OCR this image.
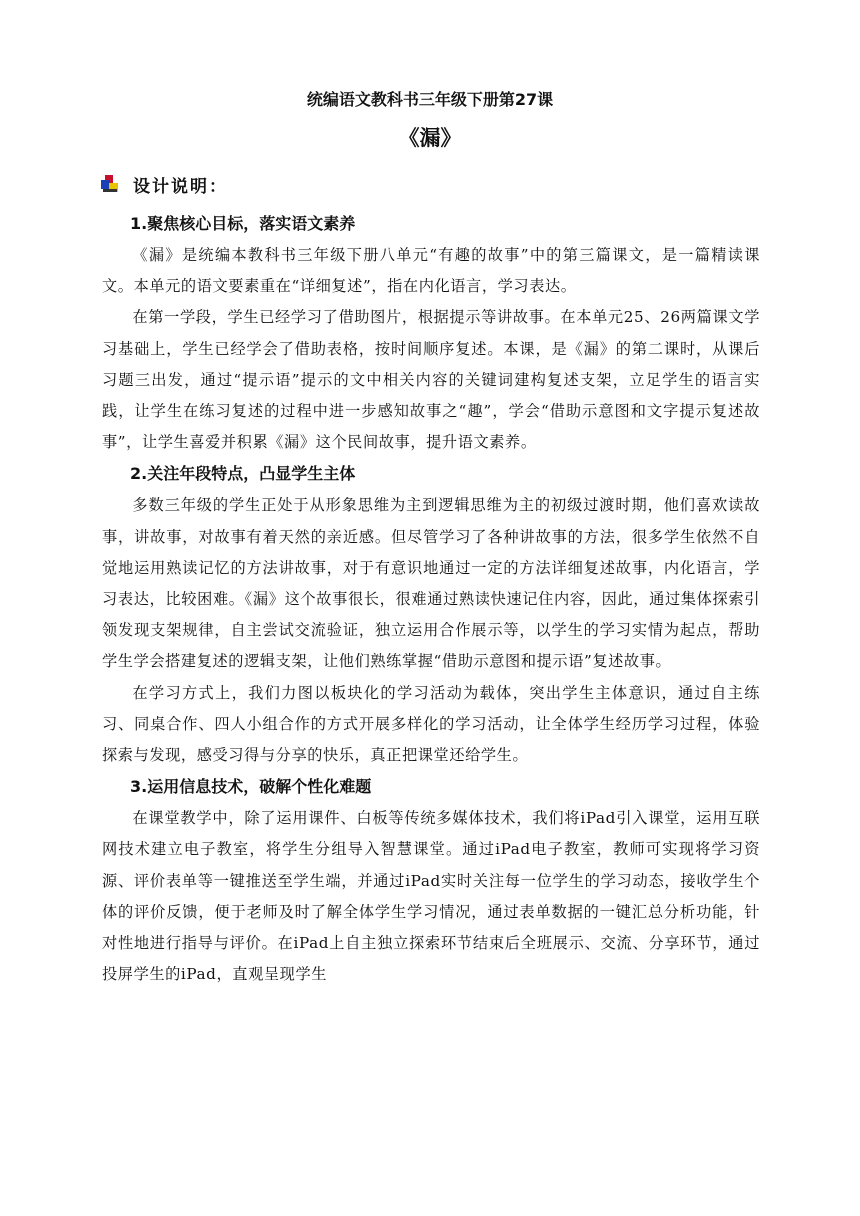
统编语文教科书三年级下册第27课
《漏》
设计说明：
1.聚焦核心目标，落实语文素养

《漏》是统编本教科书三年级下册八单元“有趣的故事”中的第三篇课文，是一篇精读课文。本单元的语文要素重在“详细复述”，指在内化语言，学习表达。

在第一学段，学生已经学习了借助图片，根据提示等讲故事。在本单元25、26两篇课文学习基础上，学生已经学会了借助表格，按时间顺序复述。本课，是《漏》的第二课时，从课后习题三出发，通过“提示语”提示的文中相关内容的关键词建构复述支架，立足学生的语言实践，让学生在练习复述的过程中进一步感知故事之“趣”，学会“借助示意图和文字提示复述故事”，让学生喜爱并积累《漏》这个民间故事，提升语文素养。

2.关注年段特点，凸显学生主体

多数三年级的学生正处于从形象思维为主到逻辑思维为主的初级过渡时期，他们喜欢读故事，讲故事，对故事有着天然的亲近感。但尽管学习了各种讲故事的方法，很多学生依然不自觉地运用熟读记忆的方法讲故事，对于有意识地通过一定的方法详细复述故事，内化语言，学习表达，比较困难。《漏》这个故事很长，很难通过熟读快速记住内容，因此，通过集体探索引领发现支架规律，自主尝试交流验证，独立运用合作展示等，以学生的学习实情为起点，帮助学生学会搭建复述的逻辑支架，让他们熟练掌握“借助示意图和提示语”复述故事。

在学习方式上，我们力图以板块化的学习活动为载体，突出学生主体意识，通过自主练习、同桌合作、四人小组合作的方式开展多样化的学习活动，让全体学生经历学习过程，体验探索与发现，感受习得与分享的快乐，真正把课堂还给学生。

3.运用信息技术，破解个性化难题

在课堂教学中，除了运用课件、白板等传统多媒体技术，我们将iPad引入课堂，运用互联网技术建立电子教室，将学生分组导入智慧课堂。通过iPad电子教室，教师可实现将学习资源、评价表单等一键推送至学生端，并通过iPad实时关注每一位学生的学习动态，接收学生个体的评价反馈，便于老师及时了解全体学生学习情况，通过表单数据的一键汇总分析功能，针对性地进行指导与评价。在iPad上自主独立探索环节结束后全班展示、交流、分享环节，通过投屏学生的iPad，直观呈现学生
